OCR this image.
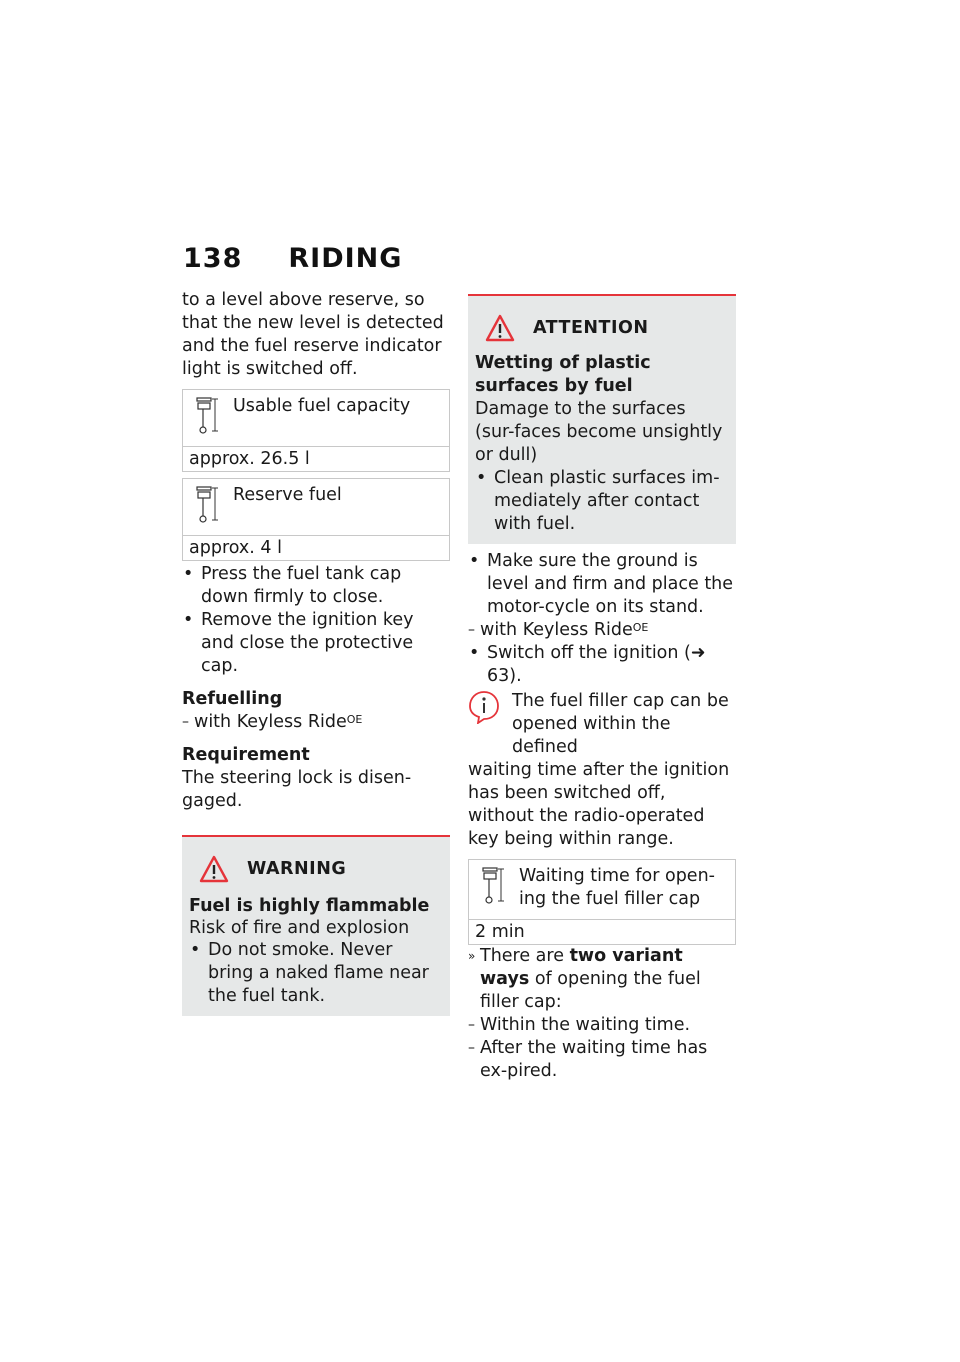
138 RIDING

to a level above reserve, so that the new level is detected and the fuel reserve indicator light is switched off.

Usable fuel capacity
approx. 26.5 l
Reserve fuel
approx. 4 l

• Press the fuel tank cap down firmly to close.

• Remove the ignition key and close the protective cap.

Refuelling

– with Keyless Ride$^{OE}$

Requirement

The steering lock is disen-gaged.

WARNING

Fuel is highly flammable

Risk of fire and explosion

• Do not smoke. Never bring a naked flame near the fuel tank.

ATTENTION

Wetting of plastic surfaces by fuel

Damage to the surfaces (sur-faces become unsightly or dull)

• Clean plastic surfaces im-mediately after contact with fuel.

• Make sure the ground is level and firm and place the motor-cycle on its stand.

– with Keyless Ride$^{OE}$

• Switch off the ignition (➜ 63).

The fuel filler cap can be opened within the defined

waiting time after the ignition has been switched off, without the radio-operated key being within range.

Waiting time for open-ing the fuel filler cap
2 min

» There are two variant ways of opening the fuel filler cap:

– Within the waiting time.

– After the waiting time has ex-pired.
